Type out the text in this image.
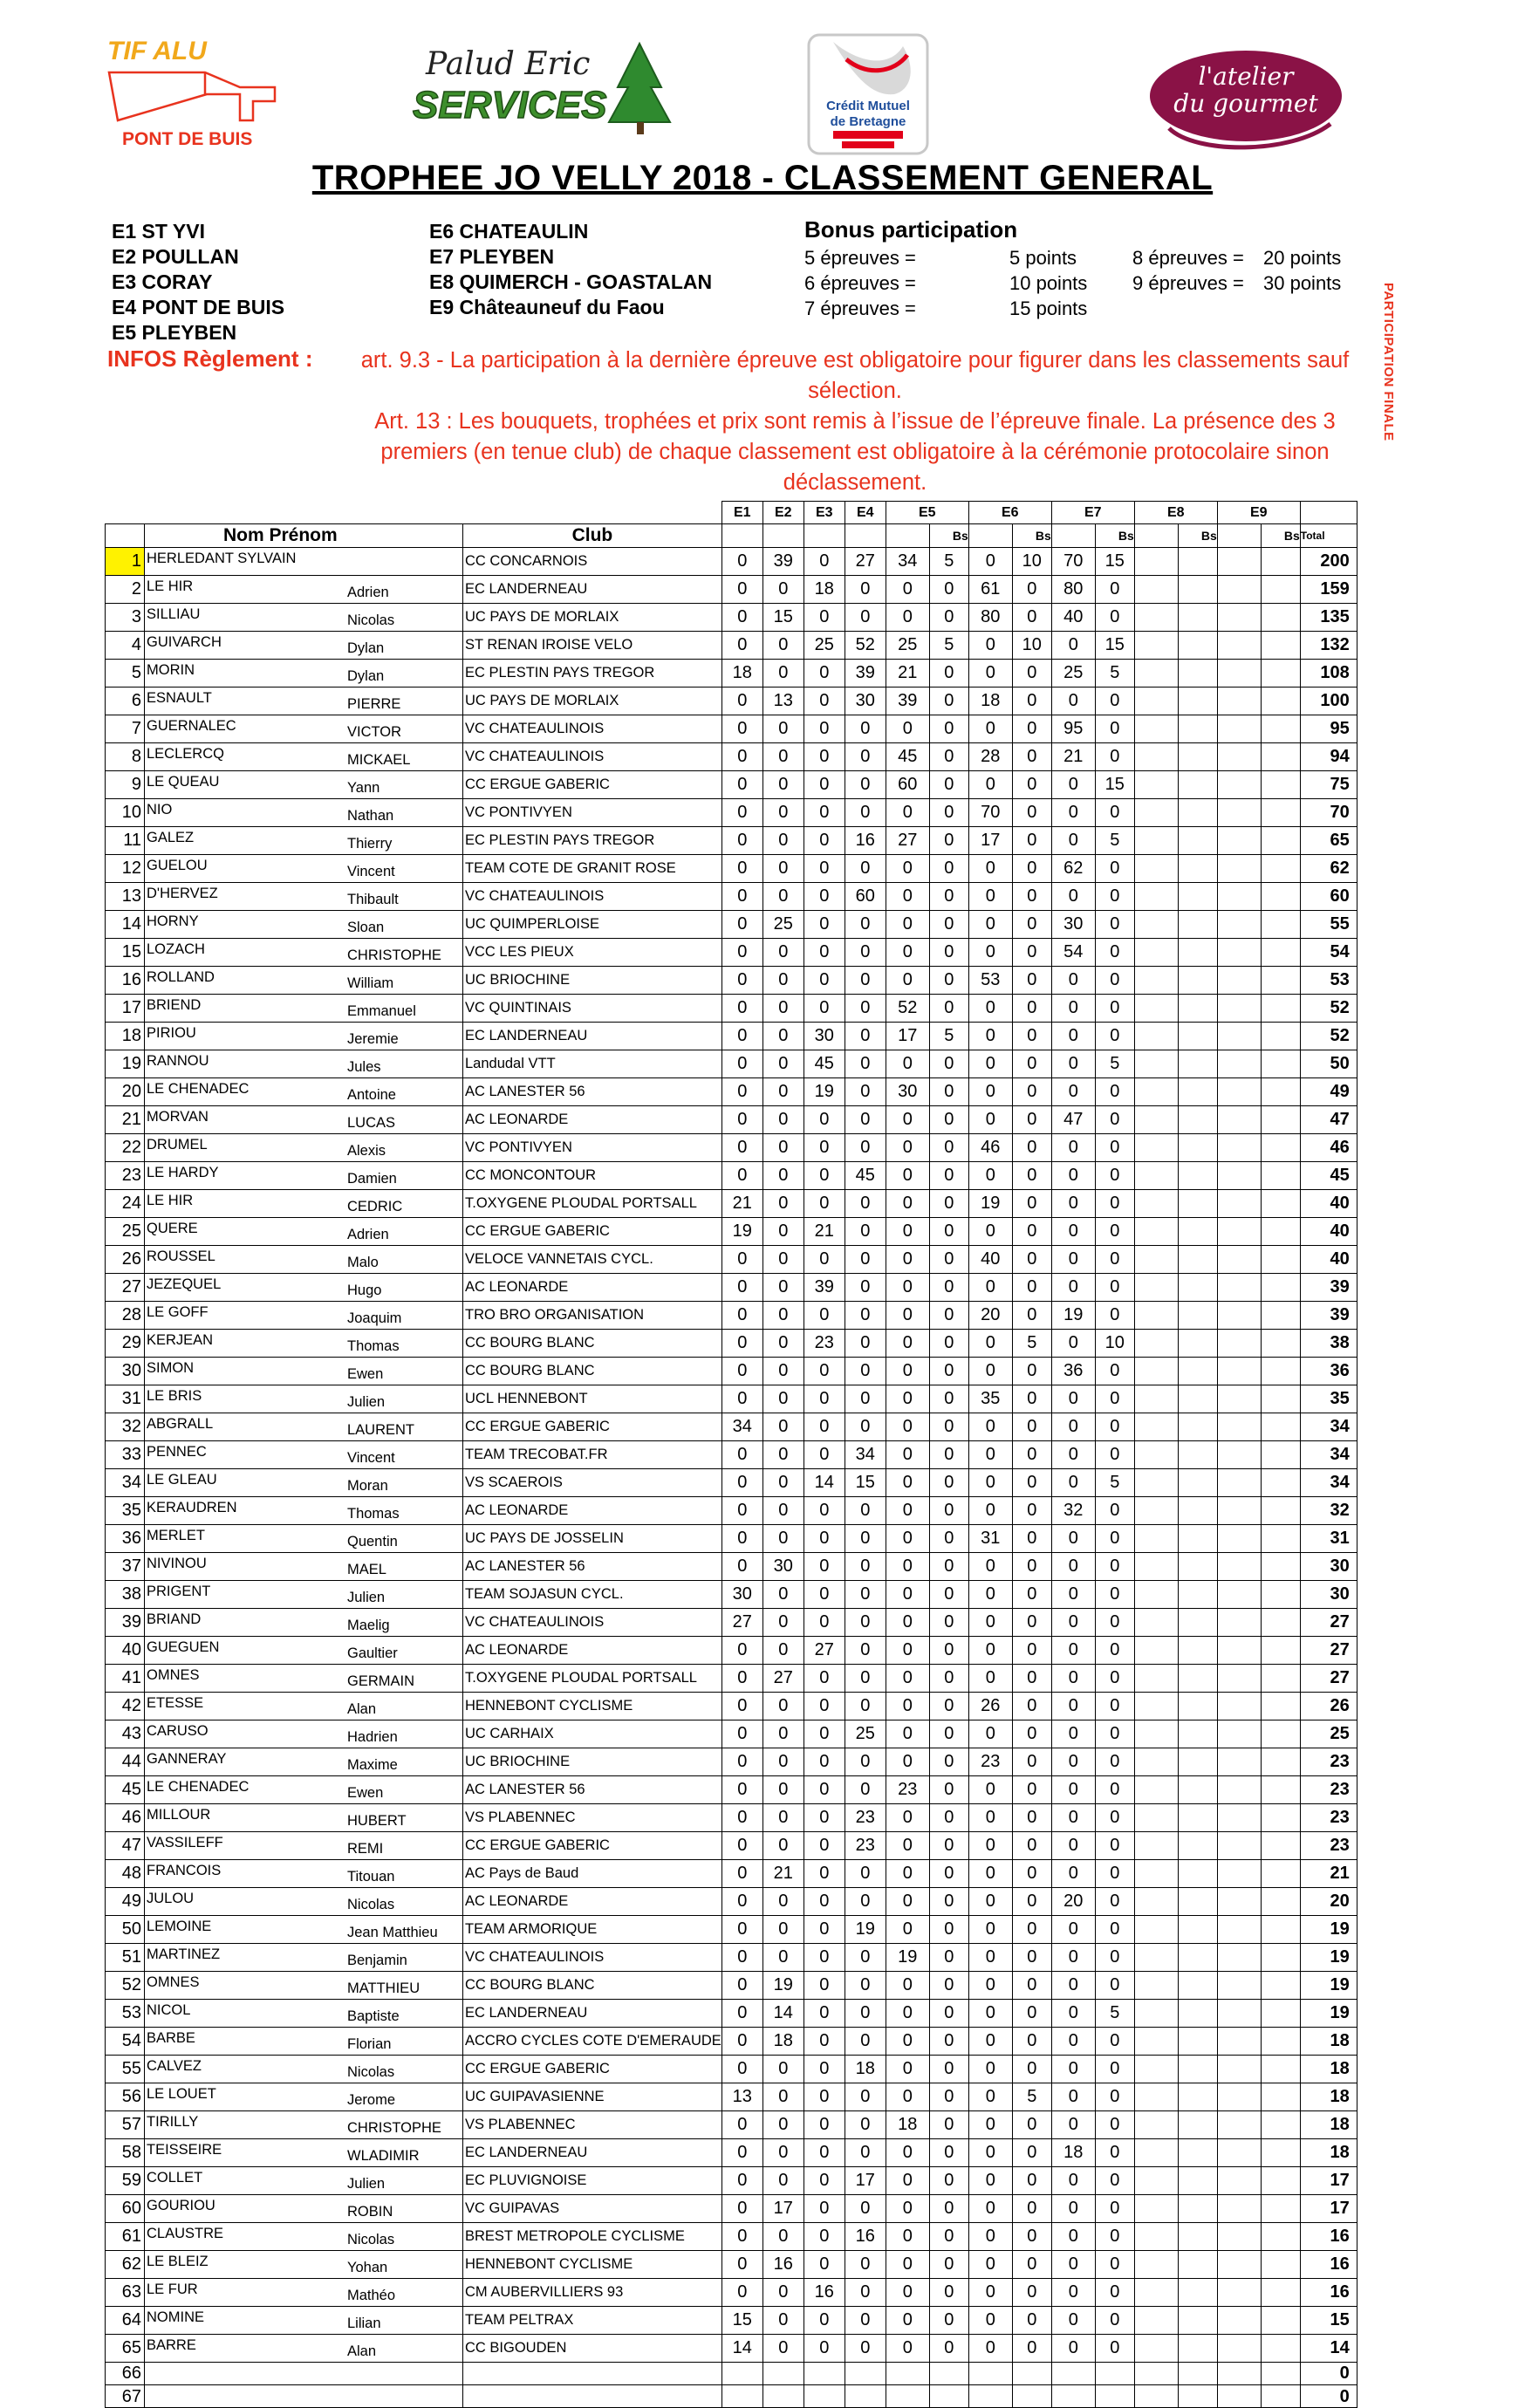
TIF ALU
PONT DE BUIS
Palud Eric
SERVICES	Crédit Mutuel
de Bretagne
l'atelier
du gourmet
TROPHEE JO VELLY 2018 - CLASSEMENT GENERAL
E1 ST YVI
E2 POULLAN
E3 CORAY
E4 PONT DE BUIS
E5 PLEYBEN
E6 CHATEAULIN
E7 PLEYBEN
E8 QUIMERCH - GOASTALAN
E9 Châteauneuf du Faou
Bonus participation
5 épreuves =	5 points
6 épreuves =	10 points
7 épreuves =	15 points
8 épreuves = 20 points
9 épreuves = 30 points
INFOS Règlement :	art. 9.3 - La participation à la dernière épreuve est obligatoire pour figurer dans les classements sauf sélection.
Art. 13 : Les bouquets, trophées et prix sont remis à l’issue de l’épreuve finale. La présence des 3 premiers (en tenue club) de chaque classement est obligatoire à la cérémonie protocolaire sinon déclassement.
PARTICIPATION FINALE
			E1	E2	E3	E4	E5		E6		E7		E8		E9		
	Nom Prénom	Club						Bs		Bs		Bs		Bs		Bs	Total
1	HERLEDANT SYLVAIN	CC CONCARNOIS	0	39	0	27	34	5	0	10	70	15					200
2	LE HIR Adrien	EC LANDERNEAU	0	0	18	0	0	0	61	0	80	0					159
3	SILLIAU Nicolas	UC PAYS DE MORLAIX	0	15	0	0	0	0	80	0	40	0					135
4	GUIVARCH Dylan	ST RENAN IROISE VELO	0	0	25	52	25	5	0	10	0	15					132
5	MORIN Dylan	EC PLESTIN PAYS TREGOR	18	0	0	39	21	0	0	0	25	5					108
6	ESNAULT PIERRE	UC PAYS DE MORLAIX	0	13	0	30	39	0	18	0	0	0					100
7	GUERNALEC VICTOR	VC CHATEAULINOIS	0	0	0	0	0	0	0	0	95	0					95
8	LECLERCQ MICKAEL	VC CHATEAULINOIS	0	0	0	0	45	0	28	0	21	0					94
9	LE QUEAU Yann	CC ERGUE GABERIC	0	0	0	0	60	0	0	0	0	15					75
10	NIO Nathan	VC PONTIVYEN	0	0	0	0	0	0	70	0	0	0					70
11	GALEZ Thierry	EC PLESTIN PAYS TREGOR	0	0	0	16	27	0	17	0	0	5					65
12	GUELOU Vincent	TEAM COTE DE GRANIT ROSE	0	0	0	0	0	0	0	0	62	0					62
13	D'HERVEZ Thibault	VC CHATEAULINOIS	0	0	0	60	0	0	0	0	0	0					60
14	HORNY Sloan	UC QUIMPERLOISE	0	25	0	0	0	0	0	0	30	0					55
15	LOZACH CHRISTOPHE	VCC LES PIEUX	0	0	0	0	0	0	0	0	54	0					54
16	ROLLAND William	UC BRIOCHINE	0	0	0	0	0	0	53	0	0	0					53
17	BRIEND Emmanuel	VC QUINTINAIS	0	0	0	0	52	0	0	0	0	0					52
18	PIRIOU Jeremie	EC LANDERNEAU	0	0	30	0	17	5	0	0	0	0					52
19	RANNOU Jules	Landudal VTT	0	0	45	0	0	0	0	0	0	5					50
20	LE CHENADEC Antoine	AC LANESTER 56	0	0	19	0	30	0	0	0	0	0					49
21	MORVAN LUCAS	AC LEONARDE	0	0	0	0	0	0	0	0	47	0					47
22	DRUMEL Alexis	VC PONTIVYEN	0	0	0	0	0	0	46	0	0	0					46
23	LE HARDY Damien	CC MONCONTOUR	0	0	0	45	0	0	0	0	0	0					45
24	LE HIR CEDRIC	T.OXYGENE PLOUDAL PORTSALL	21	0	0	0	0	0	19	0	0	0					40
25	QUERE Adrien	CC ERGUE GABERIC	19	0	21	0	0	0	0	0	0	0					40
26	ROUSSEL Malo	VELOCE VANNETAIS CYCL.	0	0	0	0	0	0	40	0	0	0					40
27	JEZEQUEL Hugo	AC LEONARDE	0	0	39	0	0	0	0	0	0	0					39
28	LE GOFF Joaquim	TRO BRO ORGANISATION	0	0	0	0	0	0	20	0	19	0					39
29	KERJEAN Thomas	CC BOURG BLANC	0	0	23	0	0	0	0	5	0	10					38
30	SIMON Ewen	CC BOURG BLANC	0	0	0	0	0	0	0	0	36	0					36
31	LE BRIS Julien	UCL HENNEBONT	0	0	0	0	0	0	35	0	0	0					35
32	ABGRALL LAURENT	CC ERGUE GABERIC	34	0	0	0	0	0	0	0	0	0					34
33	PENNEC Vincent	TEAM TRECOBAT.FR	0	0	0	34	0	0	0	0	0	0					34
34	LE GLEAU Moran	VS SCAEROIS	0	0	14	15	0	0	0	0	0	5					34
35	KERAUDREN Thomas	AC LEONARDE	0	0	0	0	0	0	0	0	32	0					32
36	MERLET Quentin	UC PAYS DE JOSSELIN	0	0	0	0	0	0	31	0	0	0					31
37	NIVINOU MAEL	AC LANESTER 56	0	30	0	0	0	0	0	0	0	0					30
38	PRIGENT Julien	TEAM SOJASUN CYCL.	30	0	0	0	0	0	0	0	0	0					30
39	BRIAND Maelig	VC CHATEAULINOIS	27	0	0	0	0	0	0	0	0	0					27
40	GUEGUEN Gaultier	AC LEONARDE	0	0	27	0	0	0	0	0	0	0					27
41	OMNES GERMAIN	T.OXYGENE PLOUDAL PORTSALL	0	27	0	0	0	0	0	0	0	0					27
42	ETESSE Alan	HENNEBONT CYCLISME	0	0	0	0	0	0	26	0	0	0					26
43	CARUSO Hadrien	UC CARHAIX	0	0	0	25	0	0	0	0	0	0					25
44	GANNERAY Maxime	UC BRIOCHINE	0	0	0	0	0	0	23	0	0	0					23
45	LE CHENADEC Ewen	AC LANESTER 56	0	0	0	0	23	0	0	0	0	0					23
46	MILLOUR HUBERT	VS PLABENNEC	0	0	0	23	0	0	0	0	0	0					23
47	VASSILEFF REMI	CC ERGUE GABERIC	0	0	0	23	0	0	0	0	0	0					23
48	FRANCOIS Titouan	AC Pays de Baud	0	21	0	0	0	0	0	0	0	0					21
49	JULOU Nicolas	AC LEONARDE	0	0	0	0	0	0	0	0	20	0					20
50	LEMOINE Jean Matthieu	TEAM ARMORIQUE	0	0	0	19	0	0	0	0	0	0					19
51	MARTINEZ Benjamin	VC CHATEAULINOIS	0	0	0	0	19	0	0	0	0	0					19
52	OMNES MATTHIEU	CC BOURG BLANC	0	19	0	0	0	0	0	0	0	0					19
53	NICOL Baptiste	EC LANDERNEAU	0	14	0	0	0	0	0	0	0	5					19
54	BARBE Florian	ACCRO CYCLES COTE D'EMERAUDE	0	18	0	0	0	0	0	0	0	0					18
55	CALVEZ Nicolas	CC ERGUE GABERIC	0	0	0	18	0	0	0	0	0	0					18
56	LE LOUET Jerome	UC GUIPAVASIENNE	13	0	0	0	0	0	0	5	0	0					18
57	TIRILLY CHRISTOPHE	VS PLABENNEC	0	0	0	0	18	0	0	0	0	0					18
58	TEISSEIRE WLADIMIR	EC LANDERNEAU	0	0	0	0	0	0	0	0	18	0					18
59	COLLET Julien	EC PLUVIGNOISE	0	0	0	17	0	0	0	0	0	0					17
60	GOURIOU ROBIN	VC GUIPAVAS	0	17	0	0	0	0	0	0	0	0					17
61	CLAUSTRE Nicolas	BREST METROPOLE CYCLISME	0	0	0	16	0	0	0	0	0	0					16
62	LE BLEIZ Yohan	HENNEBONT CYCLISME	0	16	0	0	0	0	0	0	0	0					16
63	LE FUR Mathéo	CM AUBERVILLIERS 93	0	0	16	0	0	0	0	0	0	0					16
64	NOMINE Lilian	TEAM PELTRAX	15	0	0	0	0	0	0	0	0	0					15
65	BARRE Alan	CC BIGOUDEN	14	0	0	0	0	0	0	0	0	0					14
66																	0
67																	0
